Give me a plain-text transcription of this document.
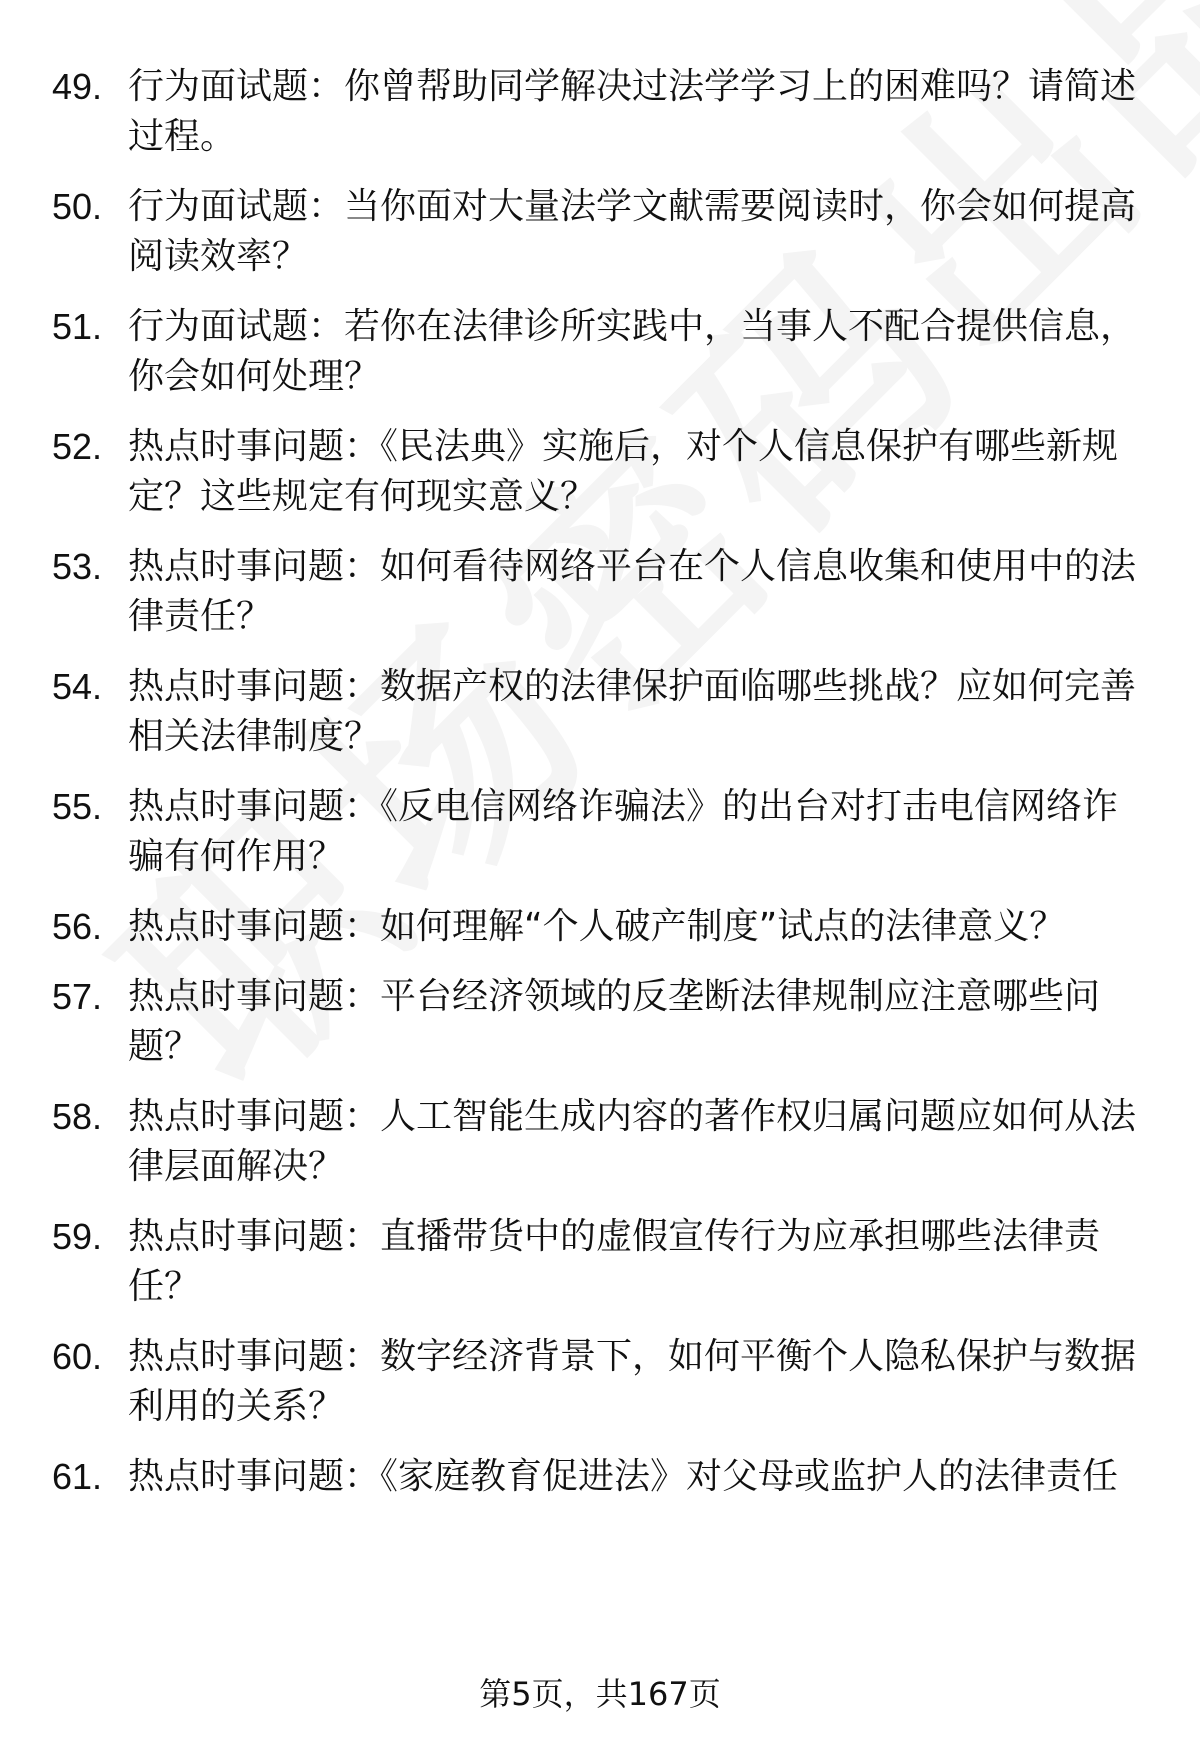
49. 行为面试题：你曾帮助同学解决过法学学习上的困难吗？请简述过程。
50. 行为面试题：当你面对大量法学文献需要阅读时，你会如何提高阅读效率？
51. 行为面试题：若你在法律诊所实践中，当事人不配合提供信息，你会如何处理？
52. 热点时事问题：《民法典》实施后，对个人信息保护有哪些新规定？这些规定有何现实意义？
53. 热点时事问题：如何看待网络平台在个人信息收集和使用中的法律责任？
54. 热点时事问题：数据产权的法律保护面临哪些挑战？应如何完善相关法律制度？
55. 热点时事问题：《反电信网络诈骗法》的出台对打击电信网络诈骗有何作用？
56. 热点时事问题：如何理解“个人破产制度”试点的法律意义？
57. 热点时事问题：平台经济领域的反垄断法律规制应注意哪些问题？
58. 热点时事问题：人工智能生成内容的著作权归属问题应如何从法律层面解决？
59. 热点时事问题：直播带货中的虚假宣传行为应承担哪些法律责任？
60. 热点时事问题：数字经济背景下，如何平衡个人隐私保护与数据利用的关系？
61. 热点时事问题：《家庭教育促进法》对父母或监护人的法律责任
第5页，共167页
